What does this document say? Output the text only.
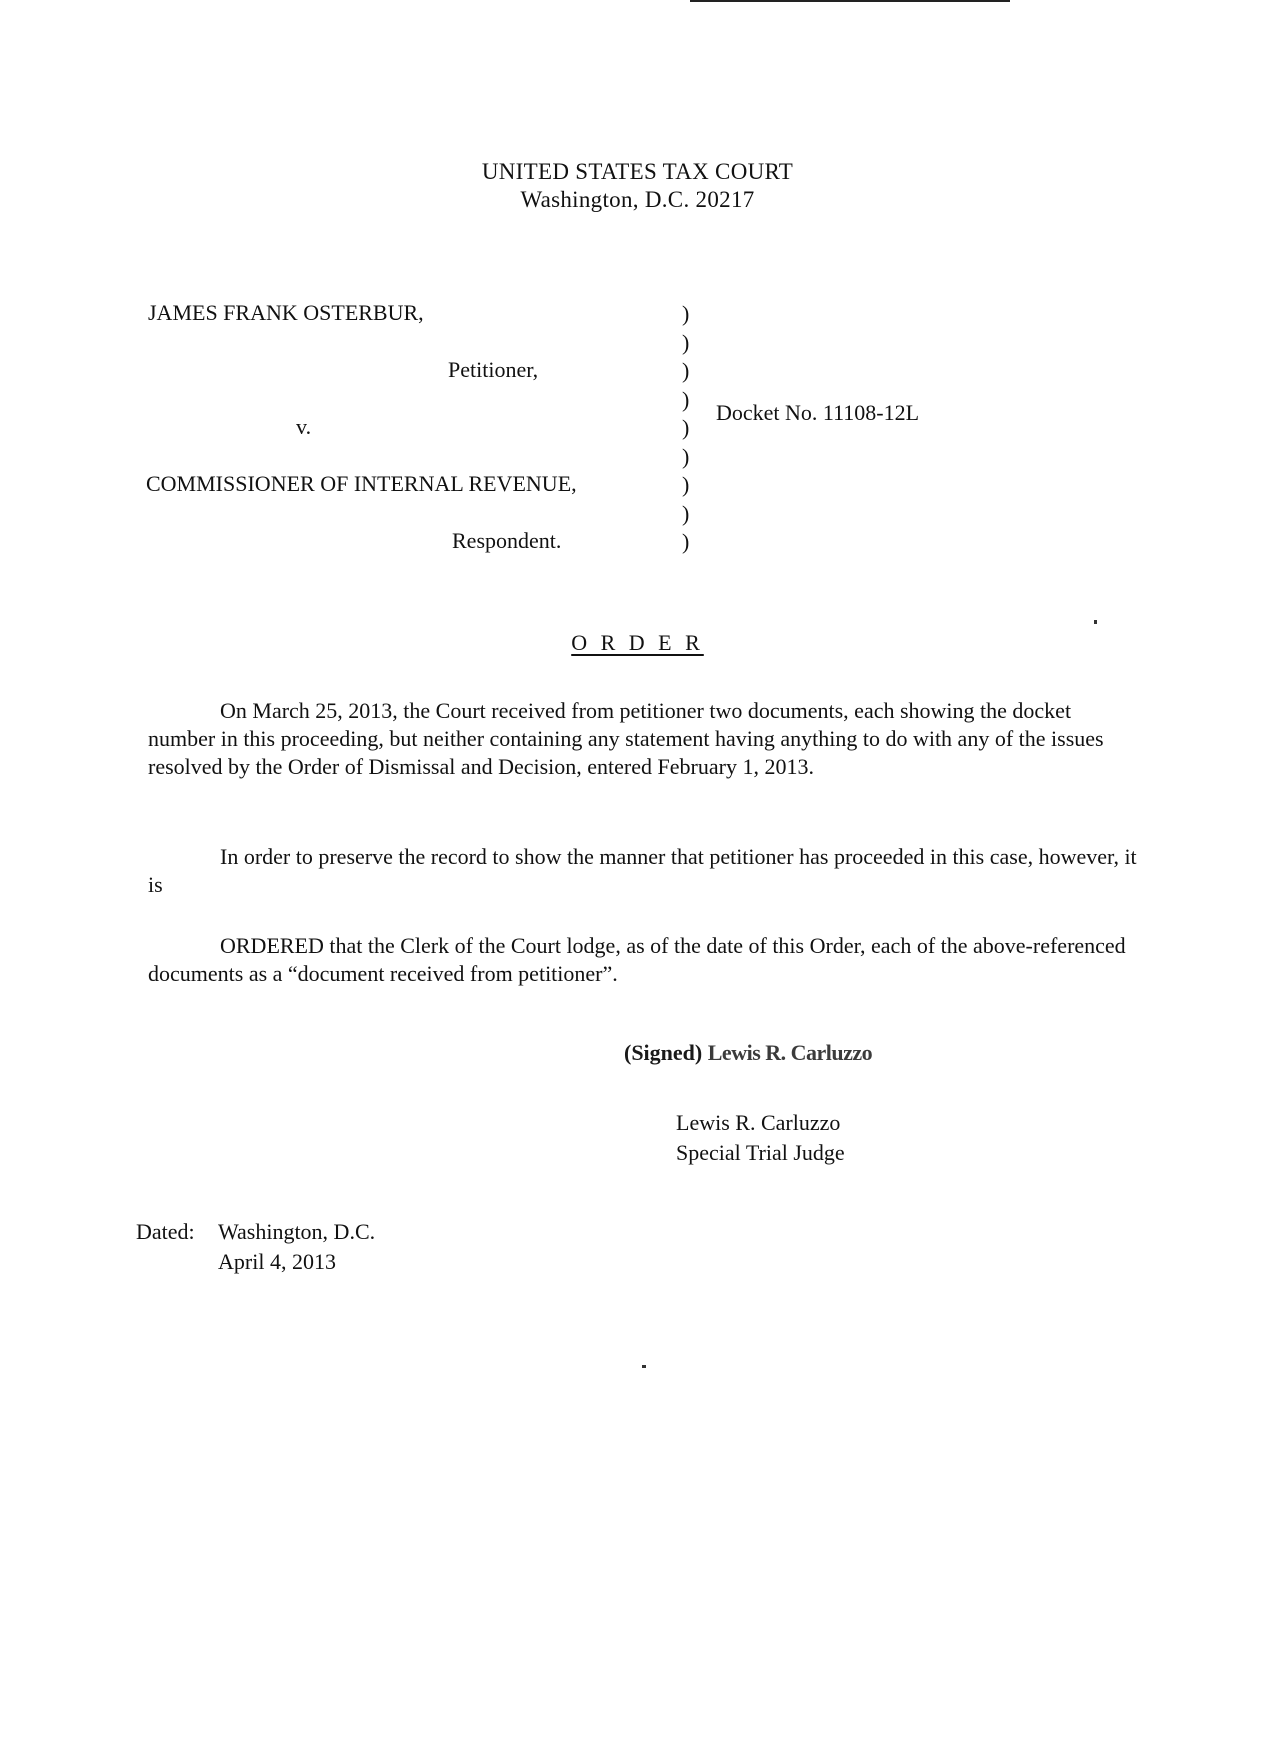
UNITED STATES TAX COURT
Washington, D.C. 20217
JAMES FRANK OSTERBUR,
Petitioner,
v.
COMMISSIONER OF INTERNAL REVENUE,
Respondent.
)
)
)
)
)
)
)
)
)
Docket No. 11108-12L
O R D E R

On March 25, 2013, the Court received from petitioner two documents, each showing the docket number in this proceeding, but neither containing any statement having anything to do with any of the issues resolved by the Order of Dismissal and Decision, entered February 1, 2013.

In order to preserve the record to show the manner that petitioner has proceeded in this case, however, it is

ORDERED that the Clerk of the Court lodge, as of the date of this Order, each of the above-referenced documents as a “document received from petitioner”.

(Signed) Lewis R. Carluzzo
Lewis R. Carluzzo
Special Trial Judge
Dated: Washington, D.C.
April 4, 2013
